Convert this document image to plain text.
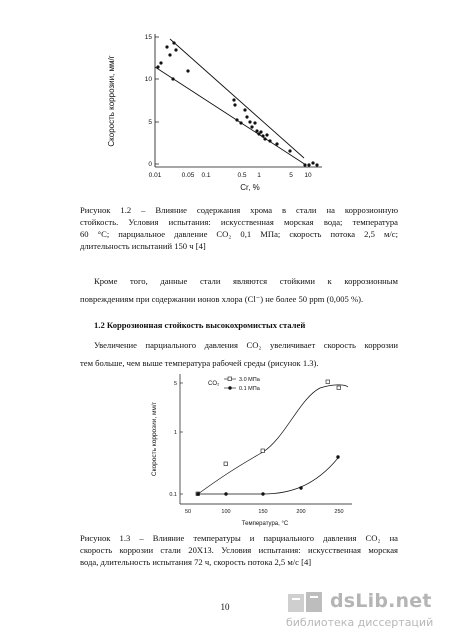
15
10
5
0
0.01	0.05 0.1	0.5 1	5 10
Cr, %
Скорость коррозии, мм/г
Рисунок 1.2 – Влияние содержания хрома в стали на коррозионную
стойкость. Условия испытания: искусственная морская вода; температура
60 °С; парциальное давление CO₂ 0,1 МПа; скорость потока 2,5 м/с;
длительность испытаний 150 ч [4]
Кроме того, данные стали являются стойкими к коррозионным
повреждениям при содержании ионов хлора (Cl⁻) не более 50 ppm (0,005 %).
1.2 Коррозионная стойкость высокохромистых сталей
Увеличение парциального давления CO₂ увеличивает скорость коррозии
тем больше, чем выше температура рабочей среды (рисунок 1.3).
5
1
0.1
50	100	150	200	250
Температура, °С
Скорость коррозии, мм/г
CO₂
3.0 МПа
0.1 МПа
Рисунок 1.3 – Влияние температуры и парциального давления CO₂ на
скорость коррозии стали 20Х13. Условия испытания: искусственная морская
вода, длительность испытания 72 ч, скорость потока 2,5 м/с [4]
10	dsLib.net
библиотека диссертаций
